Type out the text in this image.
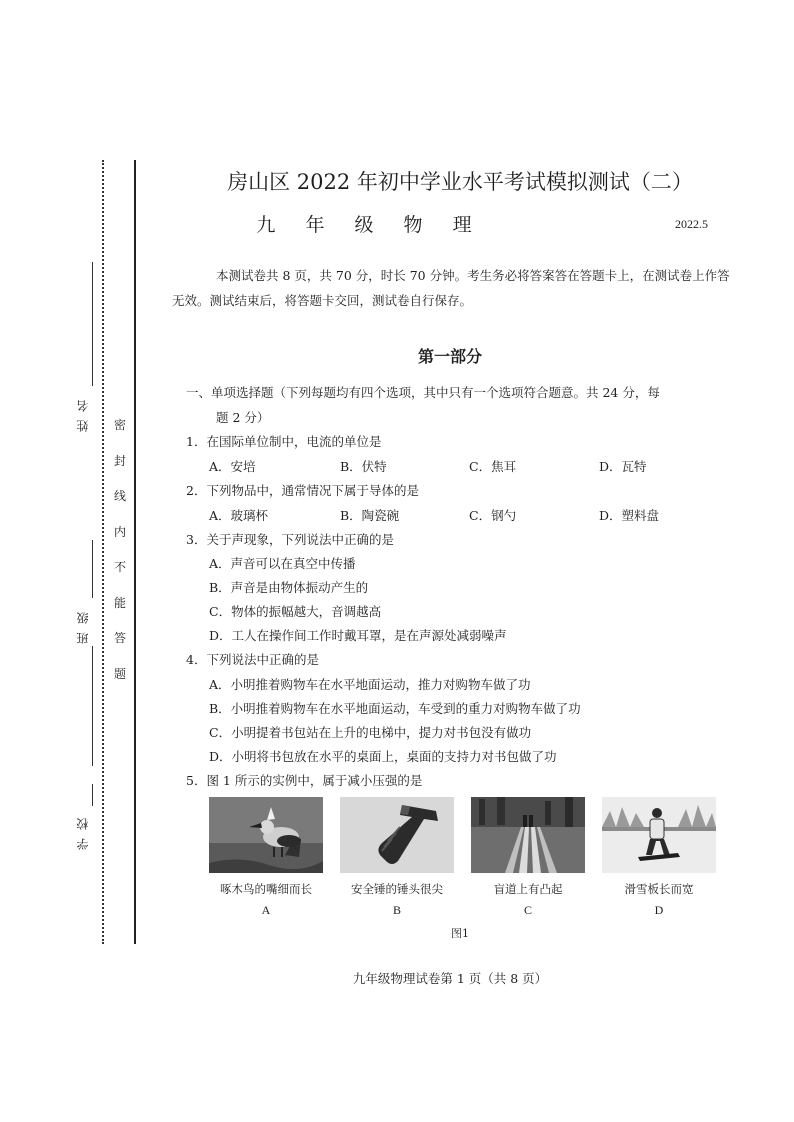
姓名
班级
学校
密
封
线
内
不
能
答
题
房山区 2022 年初中学业水平考试模拟测试（二）
九 年 级 物 理	2022.5
本测试卷共 8 页，共 70 分，时长 70 分钟。考生务必将答案答在答题卡上，在测试卷上作答无效。测试结束后，将答题卡交回，测试卷自行保存。
第一部分
一、单项选择题（下列每题均有四个选项，其中只有一个选项符合题意。共 24 分，每
题 2 分）
1．在国际单位制中，电流的单位是
A．安培	B．伏特	C．焦耳	D．瓦特
2．下列物品中，通常情况下属于导体的是
A．玻璃杯	B．陶瓷碗	C．钢勺	D．塑料盘
3．关于声现象，下列说法中正确的是
A．声音可以在真空中传播
B．声音是由物体振动产生的
C．物体的振幅越大，音调越高
D．工人在操作间工作时戴耳罩，是在声源处减弱噪声
4．下列说法中正确的是
A．小明推着购物车在水平地面运动，推力对购物车做了功
B．小明推着购物车在水平地面运动，车受到的重力对购物车做了功
C．小明提着书包站在上升的电梯中，提力对书包没有做功
D．小明将书包放在水平的桌面上，桌面的支持力对书包做了功
5．图 1 所示的实例中，属于减小压强的是
啄木鸟的嘴细而长	安全锤的锤头很尖	盲道上有凸起	滑雪板长而宽
A	B	C	D
图1
九年级物理试卷第 1 页（共 8 页）
